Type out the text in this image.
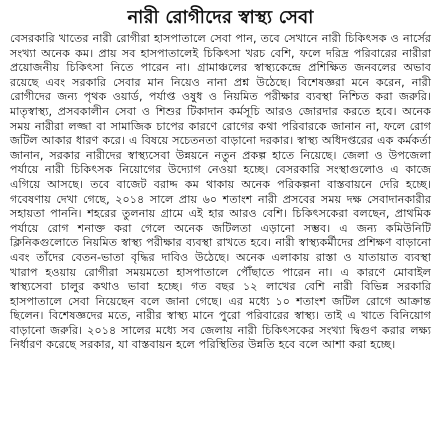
নারী রোগীদের স্বাস্থ্য সেবা

বেসরকারি খাতের নারী রোগীরা হাসপাতালে সেবা পান, তবে সেখানে নারী চিকিৎসক ও নার্সের সংখ্যা অনেক কম। প্রায় সব হাসপাতালেই চিকিৎসা খরচ বেশি, ফলে দরিদ্র পরিবারের নারীরা প্রয়োজনীয় চিকিৎসা নিতে পারেন না। গ্রামাঞ্চলের স্বাস্থ্যকেন্দ্রে প্রশিক্ষিত জনবলের অভাব রয়েছে এবং সরকারি সেবার মান নিয়েও নানা প্রশ্ন উঠেছে। বিশেষজ্ঞরা মনে করেন, নারী রোগীদের জন্য পৃথক ওয়ার্ড, পর্যাপ্ত ওষুধ ও নিয়মিত পরীক্ষার ব্যবস্থা নিশ্চিত করা জরুরি। মাতৃস্বাস্থ্য, প্রসবকালীন সেবা ও শিশুর টিকাদান কর্মসূচি আরও জোরদার করতে হবে। অনেক সময় নারীরা লজ্জা বা সামাজিক চাপের কারণে রোগের কথা পরিবারকে জানান না, ফলে রোগ জটিল আকার ধারণ করে। এ বিষয়ে সচেতনতা বাড়ানো দরকার। স্বাস্থ্য অধিদপ্তরের এক কর্মকর্তা জানান, সরকার নারীদের স্বাস্থ্যসেবা উন্নয়নে নতুন প্রকল্প হাতে নিয়েছে। জেলা ও উপজেলা পর্যায়ে নারী চিকিৎসক নিয়োগের উদ্যোগ নেওয়া হচ্ছে। বেসরকারি সংস্থাগুলোও এ কাজে এগিয়ে আসছে। তবে বাজেট বরাদ্দ কম থাকায় অনেক পরিকল্পনা বাস্তবায়নে দেরি হচ্ছে। গবেষণায় দেখা গেছে, ২০১৪ সালে প্রায় ৬০ শতাংশ নারী প্রসবের সময় দক্ষ সেবাদানকারীর সহায়তা পাননি। শহরের তুলনায় গ্রামে এই হার আরও বেশি। চিকিৎসকেরা বলছেন, প্রাথমিক পর্যায়ে রোগ শনাক্ত করা গেলে অনেক জটিলতা এড়ানো সম্ভব। এ জন্য কমিউনিটি ক্লিনিকগুলোতে নিয়মিত স্বাস্থ্য পরীক্ষার ব্যবস্থা রাখতে হবে। নারী স্বাস্থ্যকর্মীদের প্রশিক্ষণ বাড়ানো এবং তাঁদের বেতন-ভাতা বৃদ্ধির দাবিও উঠেছে। অনেক এলাকায় রাস্তা ও যাতায়াত ব্যবস্থা খারাপ হওয়ায় রোগীরা সময়মতো হাসপাতালে পৌঁছাতে পারেন না। এ কারণে মোবাইল স্বাস্থ্যসেবা চালুর কথাও ভাবা হচ্ছে। গত বছর ১২ লাখের বেশি নারী বিভিন্ন সরকারি হাসপাতালে সেবা নিয়েছেন বলে জানা গেছে। এর মধ্যে ১০ শতাংশ জটিল রোগে আক্রান্ত ছিলেন। বিশেষজ্ঞদের মতে, নারীর স্বাস্থ্য মানে পুরো পরিবারের স্বাস্থ্য। তাই এ খাতে বিনিয়োগ বাড়ানো জরুরি। ২০১৪ সালের মধ্যে সব জেলায় নারী চিকিৎসকের সংখ্যা দ্বিগুণ করার লক্ষ্য নির্ধারণ করেছে সরকার, যা বাস্তবায়ন হলে পরিস্থিতির উন্নতি হবে বলে আশা করা হচ্ছে।
